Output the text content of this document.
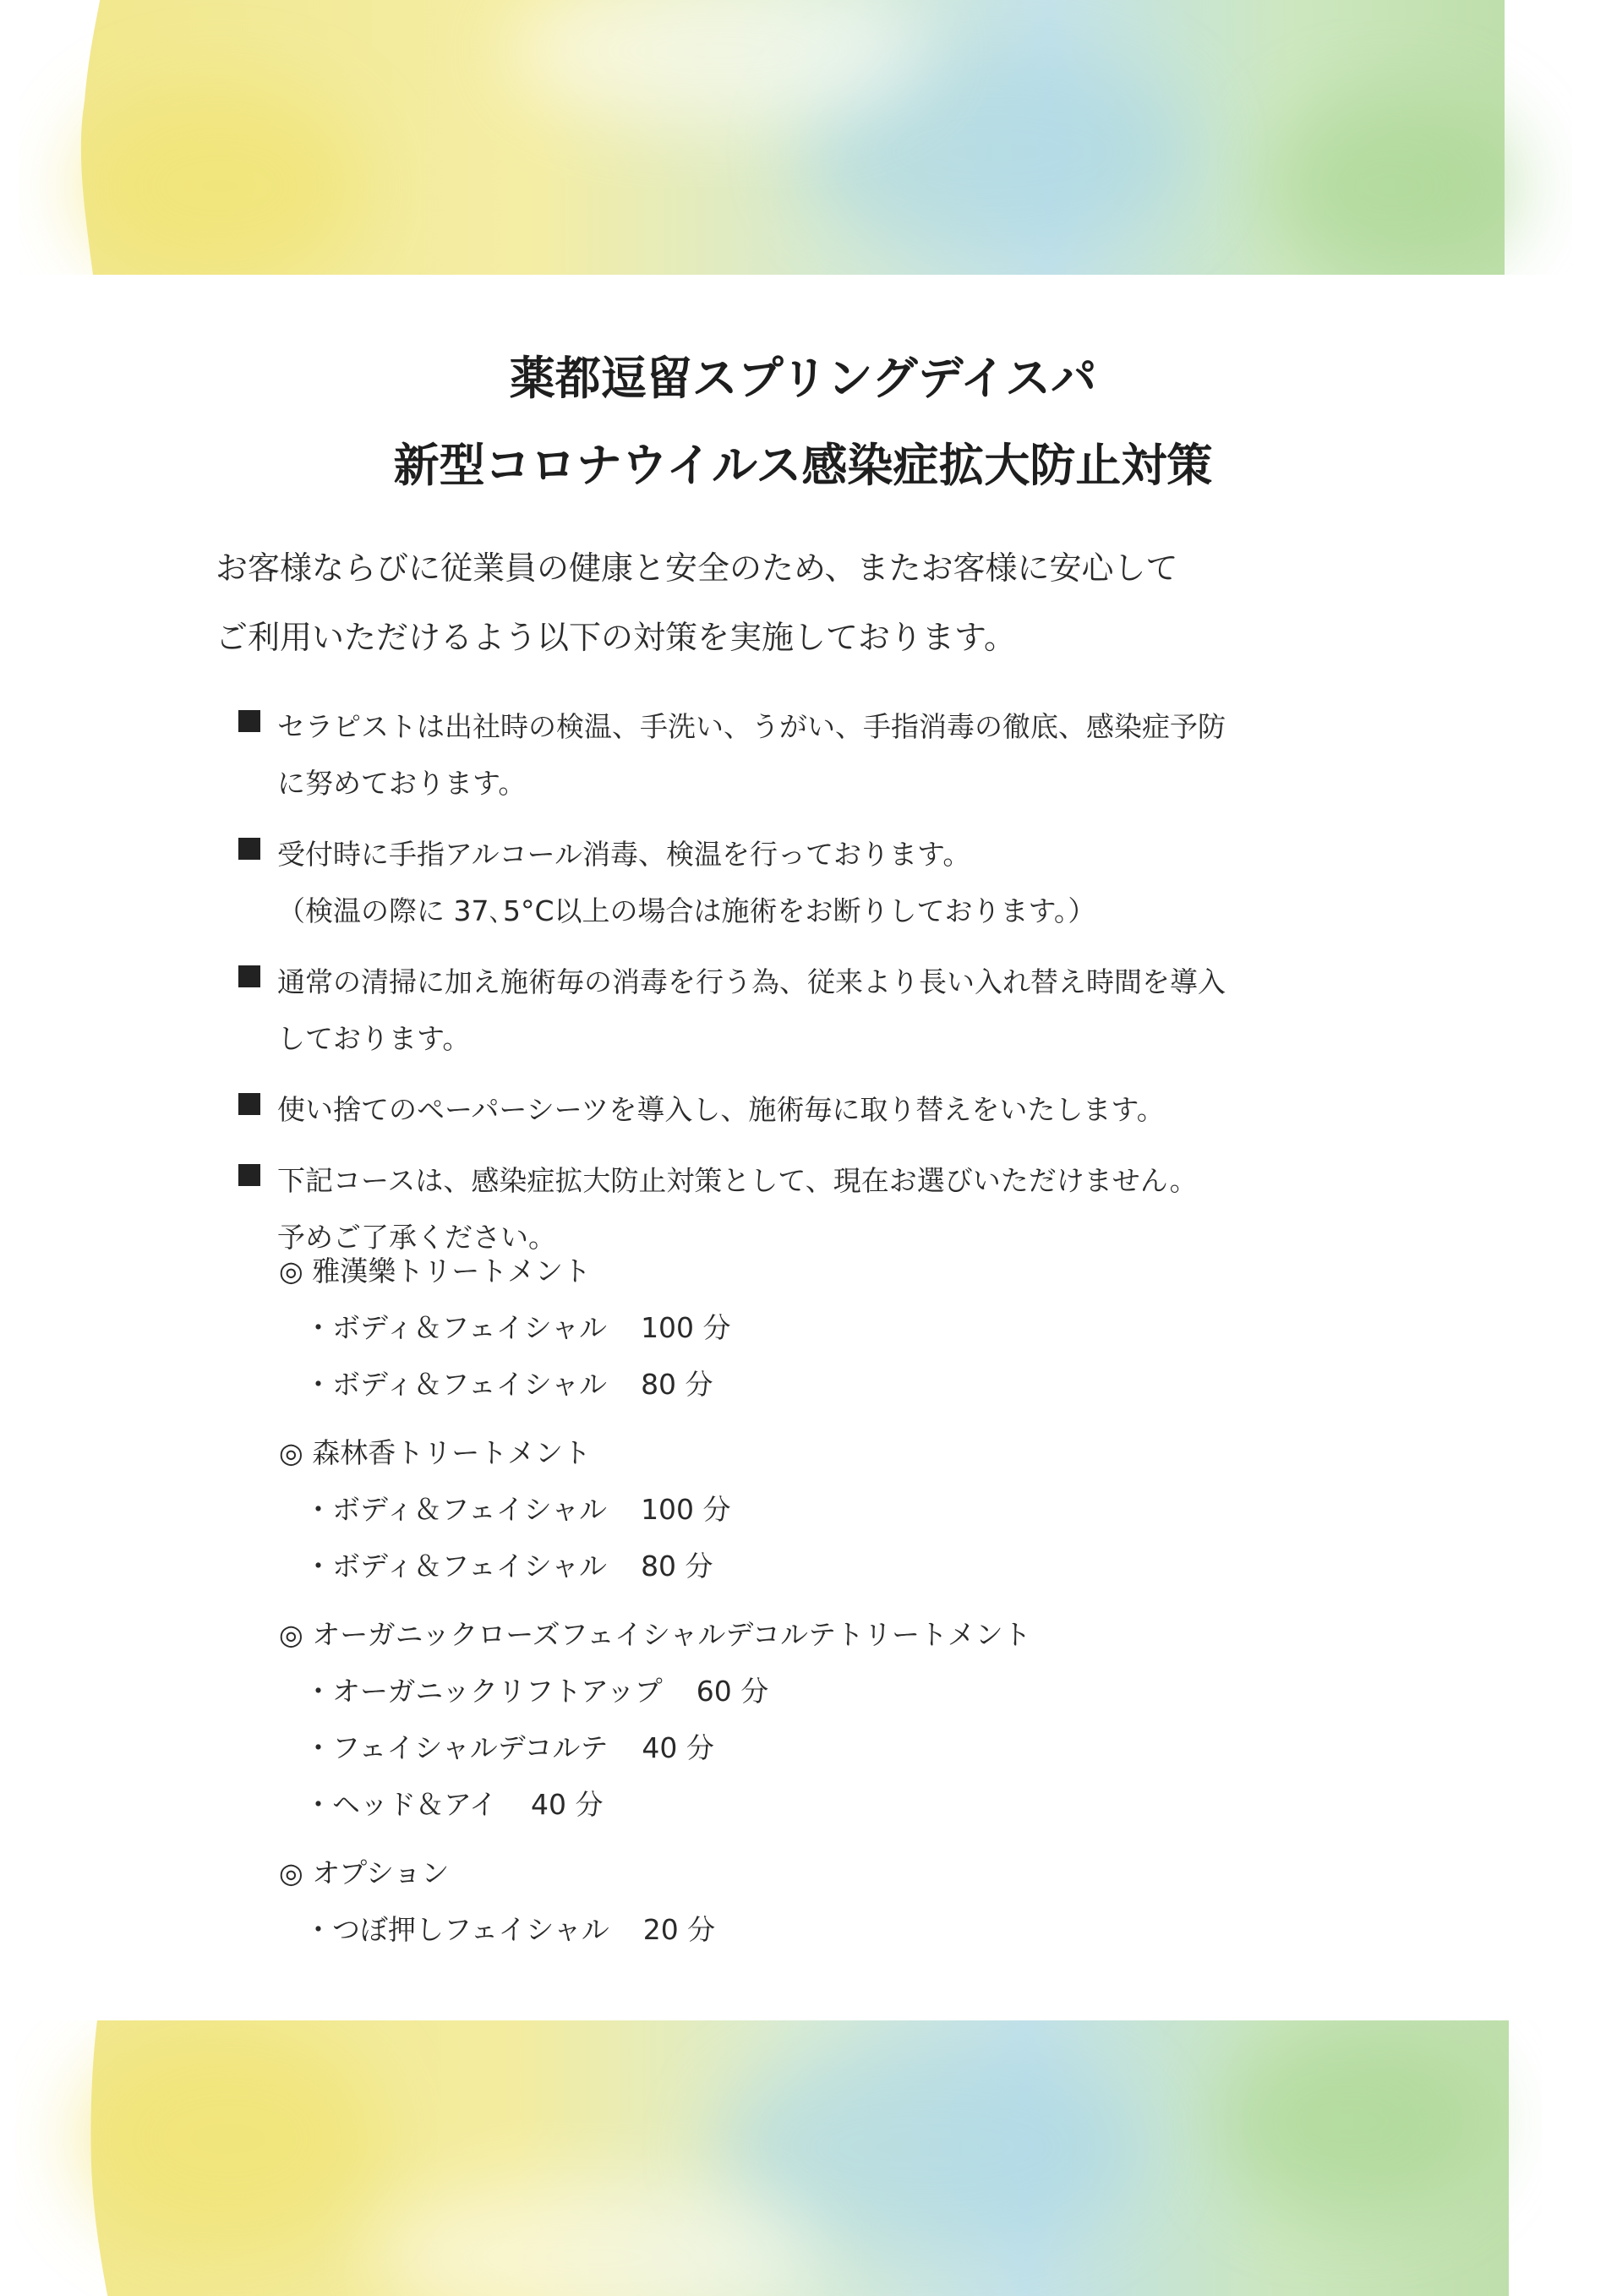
薬都逗留スプリングデイスパ
新型コロナウイルス感染症拡大防止対策
お客様ならびに従業員の健康と安全のため、またお客様に安心して
ご利用いただけるよう以下の対策を実施しております。
セラピストは出社時の検温、手洗い、うがい、手指消毒の徹底、感染症予防
に努めております。
受付時に手指アルコール消毒、検温を行っております。
（検温の際に 37､5°C以上の場合は施術をお断りしております。）
通常の清掃に加え施術毎の消毒を行う為、従来より長い入れ替え時間を導入
しております。
使い捨てのペーパーシーツを導入し、施術毎に取り替えをいたします。
下記コースは、感染症拡大防止対策として、現在お選びいただけません。
予めご了承ください。
◎ 雅漢樂トリートメント
・ボディ＆フェイシャル 100 分
・ボディ＆フェイシャル 80 分
◎ 森林香トリートメント
・ボディ＆フェイシャル 100 分
・ボディ＆フェイシャル 80 分
◎ オーガニックローズフェイシャルデコルテトリートメント
・オーガニックリフトアップ 60 分
・フェイシャルデコルテ 40 分
・ヘッド＆アイ 40 分
◎ オプション
・つぼ押しフェイシャル 20 分
